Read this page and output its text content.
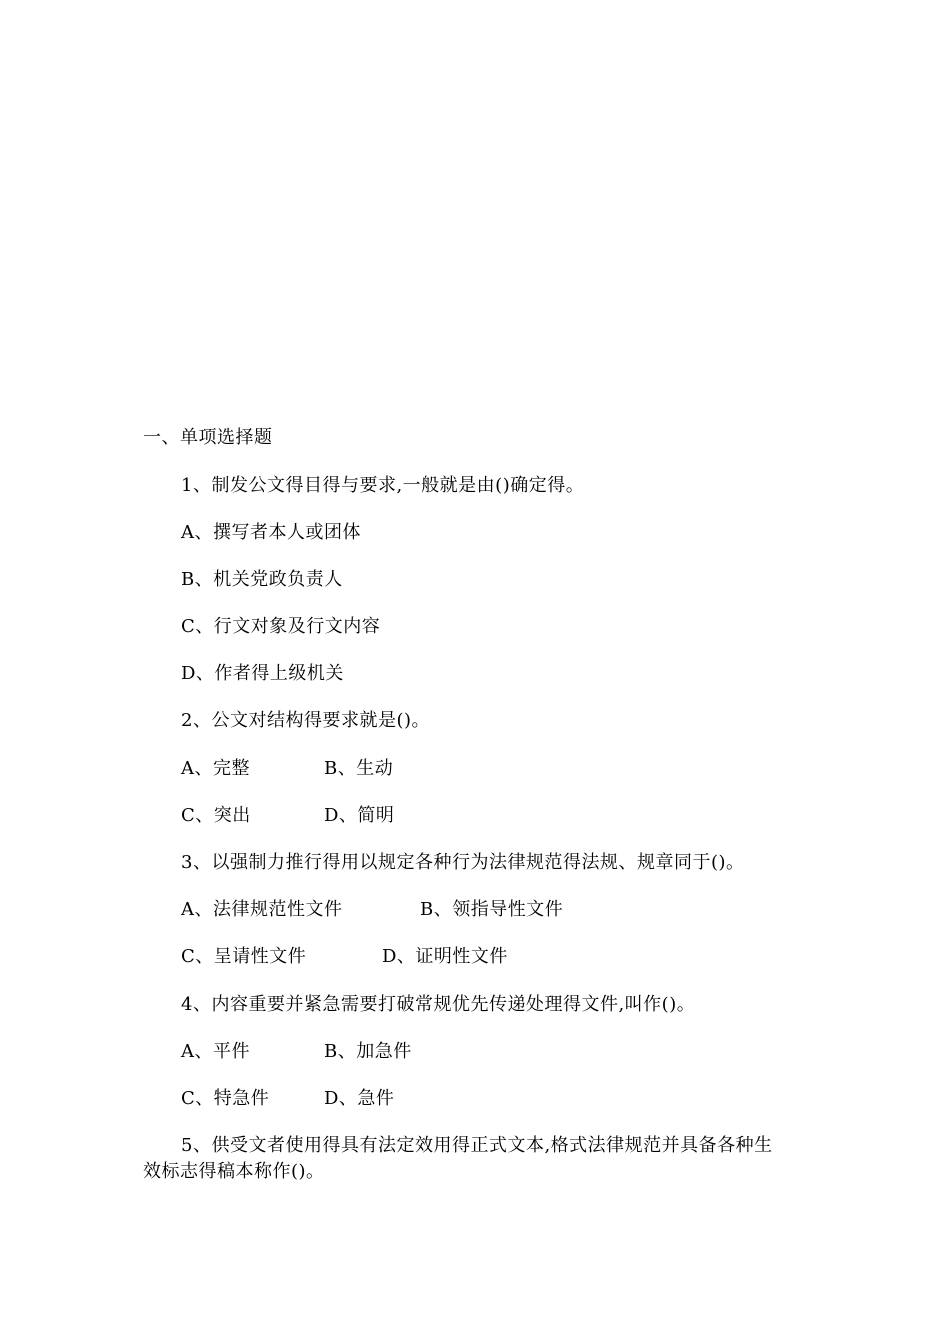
一、单项选择题
1、制发公文得目得与要求,一般就是由()确定得。
A、撰写者本人或团体
B、机关党政负责人
C、行文对象及行文内容
D、作者得上级机关
2、公文对结构得要求就是()。
A、完整	B、生动
C、突出	D、简明
3、以强制力推行得用以规定各种行为法律规范得法规、规章同于()。
A、法律规范性文件	B、领指导性文件
C、呈请性文件	D、证明性文件
4、内容重要并紧急需要打破常规优先传递处理得文件,叫作()。
A、平件	B、加急件
C、特急件	D、急件
5、供受文者使用得具有法定效用得正式文本,格式法律规范并具备各种生
效标志得稿本称作()。
